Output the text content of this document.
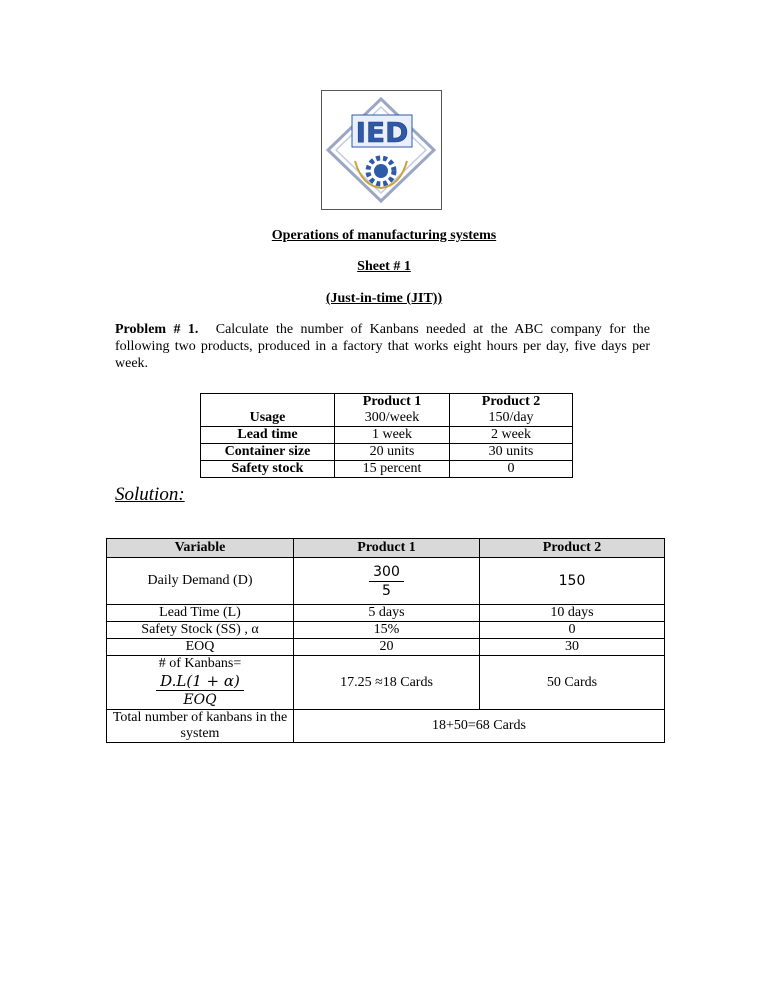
IED
Operations of manufacturing systems
Sheet # 1
(Just-in-time (JIT))
Problem # 1. Calculate the number of Kanbans needed at the ABC company for the following two products, produced in a factory that works eight hours per day, five days per week.
	Product 1	Product 2
Usage	300/week	150/day
Lead time	1 week	2 week
Container size	20 units	30 units
Safety stock	15 percent	0
Solution:
Variable	Product 1	Product 2
Daily Demand (D)	$\frac{300}{5}$	150
Lead Time (L)	5 days	10 days
Safety Stock (SS) , α	15%	0
EOQ	20	30

# of Kanbans=
$\frac{D.L(1 + \alpha)}{\text{EOQ}}$	17.25 ≈18 Cards	50 Cards
Total number of kanbans in the system	18+50=68 Cards	
